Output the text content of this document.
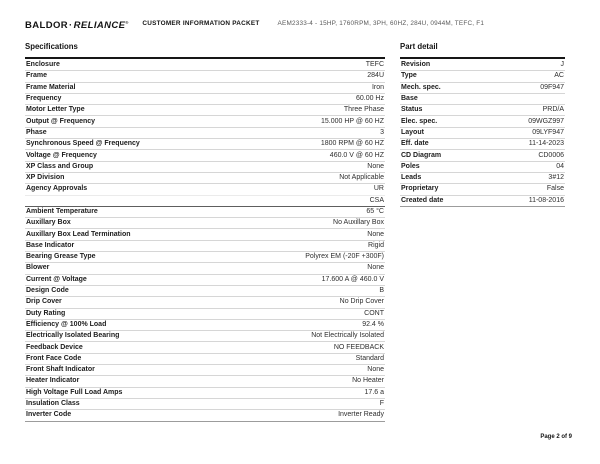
BALDOR·RELIANCE® CUSTOMER INFORMATION PACKET	AEM2333-4 - 15HP, 1760RPM, 3PH, 60HZ, 284U, 0944M, TEFC, F1
Specifications
Enclosure	TEFC
Frame	284U
Frame Material	Iron
Frequency	60.00 Hz
Motor Letter Type	Three Phase
Output @ Frequency	15.000 HP @ 60 HZ
Phase	3
Synchronous Speed @ Frequency	1800 RPM @ 60 HZ
Voltage @ Frequency	460.0 V @ 60 HZ
XP Class and Group	None
XP Division	Not Applicable
Agency Approvals	UR
CSA
Ambient Temperature	65 °C
Auxillary Box	No Auxillary Box
Auxillary Box Lead Termination	None
Base Indicator	Rigid
Bearing Grease Type	Polyrex EM (-20F +300F)
Blower	None
Current @ Voltage	17.600 A @ 460.0 V
Design Code	B
Drip Cover	No Drip Cover
Duty Rating	CONT
Efficiency @ 100% Load	92.4 %
Electrically Isolated Bearing	Not Electrically Isolated
Feedback Device	NO FEEDBACK
Front Face Code	Standard
Front Shaft Indicator	None
Heater Indicator	No Heater
High Voltage Full Load Amps	17.6 a
Insulation Class	F
Inverter Code	Inverter Ready
Part detail
Revision	J
Type	AC
Mech. spec.	09F947
Base
Status	PRD/A
Elec. spec.	09WGZ997
Layout	09LYF947
Eff. date	11-14-2023
CD Diagram	CD0006
Poles	04
Leads	3#12
Proprietary	False
Created date	11-08-2016
Page 2 of 9
